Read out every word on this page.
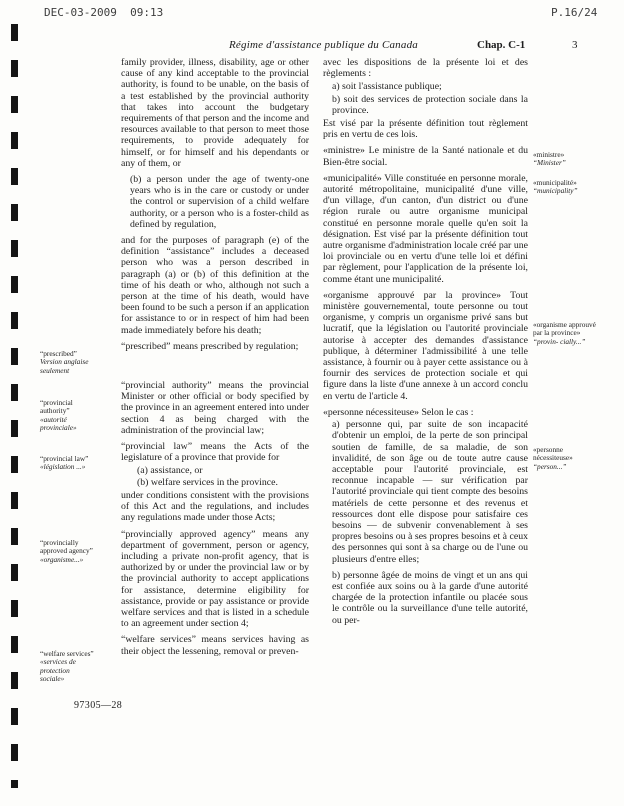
DEC-03-2009  09:13	P.16/24
Régime d'assistance publique du Canada	Chap. C-1	3

family provider, illness, disability, age or other cause of any kind acceptable to the provincial authority, is found to be unable, on the basis of a test established by the provincial authority that takes into account the budgetary requirements of that person and the income and resources available to that person to meet those requirements, to provide adequately for himself, or for himself and his dependants or any of them, or

(b) a person under the age of twenty-one years who is in the care or custody or under the control or supervision of a child welfare authority, or a person who is a foster-child as defined by regulation,

and for the purposes of paragraph (e) of the definition “assistance” includes a deceased person who was a person described in paragraph (a) or (b) of this definition at the time of his death or who, although not such a person at the time of his death, would have been found to be such a person if an application for assistance to or in respect of him had been made immediately before his death;

“prescribed” means prescribed by regulation;

“provincial authority” means the provincial Minister or other official or body specified by the province in an agreement entered into under section 4 as being charged with the administration of the provincial law;

“provincial law” means the Acts of the legislature of a province that provide for

(a) assistance, or

(b) welfare services in the province.

under conditions consistent with the provisions of this Act and the regulations, and includes any regulations made under those Acts;

“provincially approved agency” means any department of government, person or agency, including a private non-profit agency, that is authorized by or under the provincial law or by the provincial authority to accept applications for assistance, determine eligibility for assistance, provide or pay assistance or provide welfare services and that is listed in a schedule to an agreement under section 4;

“welfare services” means services having as their object the lessening, removal or preven-

avec les dispositions de la présente loi et des règlements :

a) soit l'assistance publique;

b) soit des services de protection sociale dans la province.

Est visé par la présente définition tout règlement pris en vertu de ces lois.

«ministre» Le ministre de la Santé nationale et du Bien-être social.

«municipalité» Ville constituée en personne morale, autorité métropolitaine, municipalité d'une ville, d'un village, d'un canton, d'un district ou d'une région rurale ou autre organisme municipal constitué en personne morale quelle qu'en soit la désignation. Est visé par la présente définition tout autre organisme d'administration locale créé par une loi provinciale ou en vertu d'une telle loi et défini par règlement, pour l'application de la présente loi, comme étant une municipalité.

«organisme approuvé par la province» Tout ministère gouvernemental, toute personne ou tout organisme, y compris un organisme privé sans but lucratif, que la législation ou l'autorité provinciale autorise à accepter des demandes d'assistance publique, à déterminer l'admissibilité à une telle assistance, à fournir ou à payer cette assistance ou à fournir des services de protection sociale et qui figure dans la liste d'une annexe à un accord conclu en vertu de l'article 4.

«personne nécessiteuse» Selon le cas :

a) personne qui, par suite de son incapacité d'obtenir un emploi, de la perte de son principal soutien de famille, de sa maladie, de son invalidité, de son âge ou de toute autre cause acceptable pour l'autorité provinciale, est reconnue incapable — sur vérification par l'autorité provinciale qui tient compte des besoins matériels de cette personne et des revenus et ressources dont elle dispose pour satisfaire ces besoins — de subvenir convenablement à ses propres besoins ou à ses propres besoins et à ceux des personnes qui sont à sa charge ou de l'une ou plusieurs d'entre elles;

b) personne âgée de moins de vingt et un ans qui est confiée aux soins ou à la garde d'une autorité chargée de la protection infantile ou placée sous le contrôle ou la surveillance d'une telle autorité, ou per-

“prescribed”
Version anglaise seulement
“provincial authority”
«autorité provinciale»
“provincial law”
«législation ...»
“provincially approved agency”
«organisme...»
“welfare services”
«services de protection sociale»
«ministre»
“Minister”
«municipalité»
“municipality”
«organisme approuvé par la province»
“provin- cially...”
«personne nécessiteuse»
“person...”
97305—28
